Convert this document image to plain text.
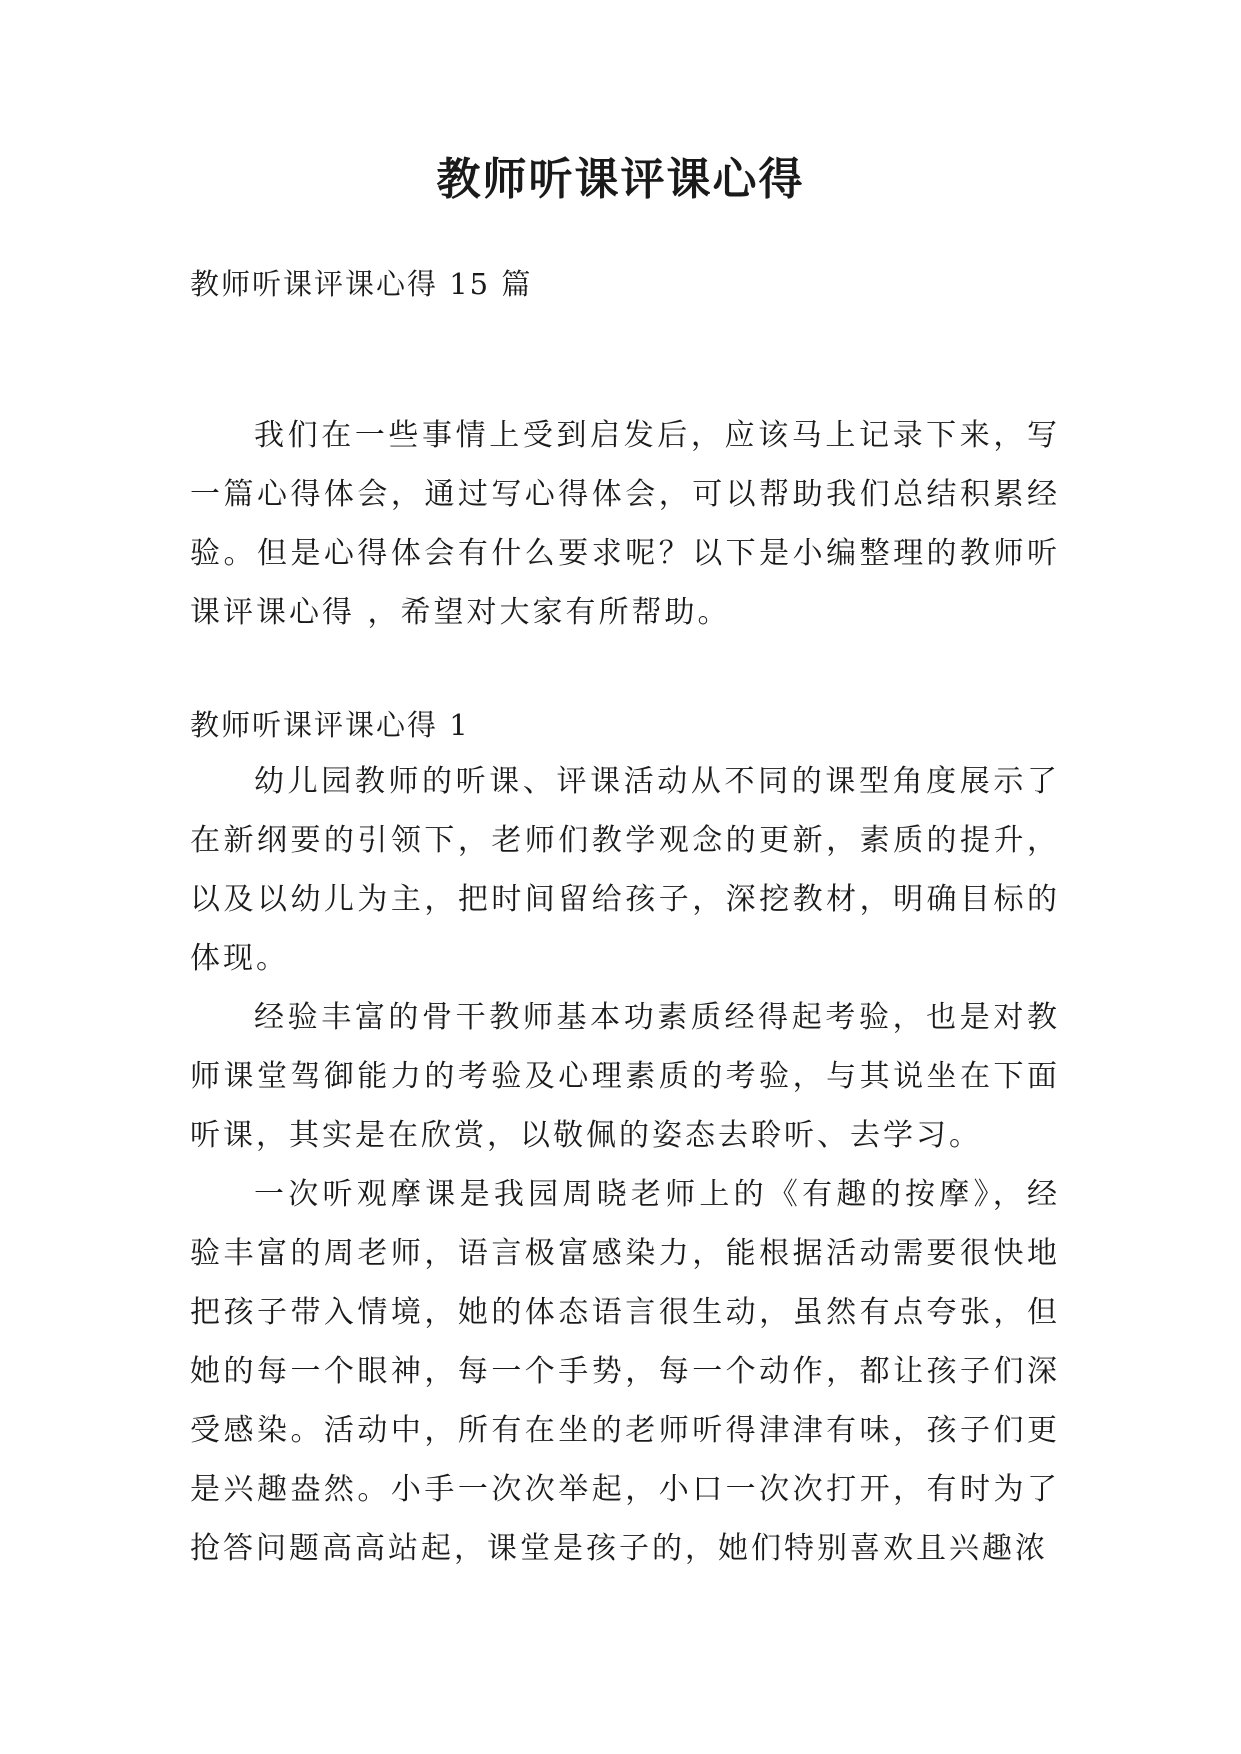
教师听课评课心得

教师听课评课心得 15 篇

我们在一些事情上受到启发后，应该马上记录下来，写一篇心得体会，通过写心得体会，可以帮助我们总结积累经验。但是心得体会有什么要求呢？以下是小编整理的教师听课评课心得 ，希望对大家有所帮助。

教师听课评课心得 1

幼儿园教师的听课、评课活动从不同的课型角度展示了在新纲要的引领下，老师们教学观念的更新，素质的提升，以及以幼儿为主，把时间留给孩子，深挖教材，明确目标的体现。

经验丰富的骨干教师基本功素质经得起考验，也是对教师课堂驾御能力的考验及心理素质的考验，与其说坐在下面听课，其实是在欣赏，以敬佩的姿态去聆听、去学习。

一次听观摩课是我园周晓老师上的《有趣的按摩》，经验丰富的周老师，语言极富感染力，能根据活动需要很快地把孩子带入情境，她的体态语言很生动，虽然有点夸张，但她的每一个眼神，每一个手势，每一个动作，都让孩子们深受感染。活动中，所有在坐的老师听得津津有味，孩子们更是兴趣盎然。小手一次次举起，小口一次次打开，有时为了抢答问题高高站起，课堂是孩子的，她们特别喜欢且兴趣浓
